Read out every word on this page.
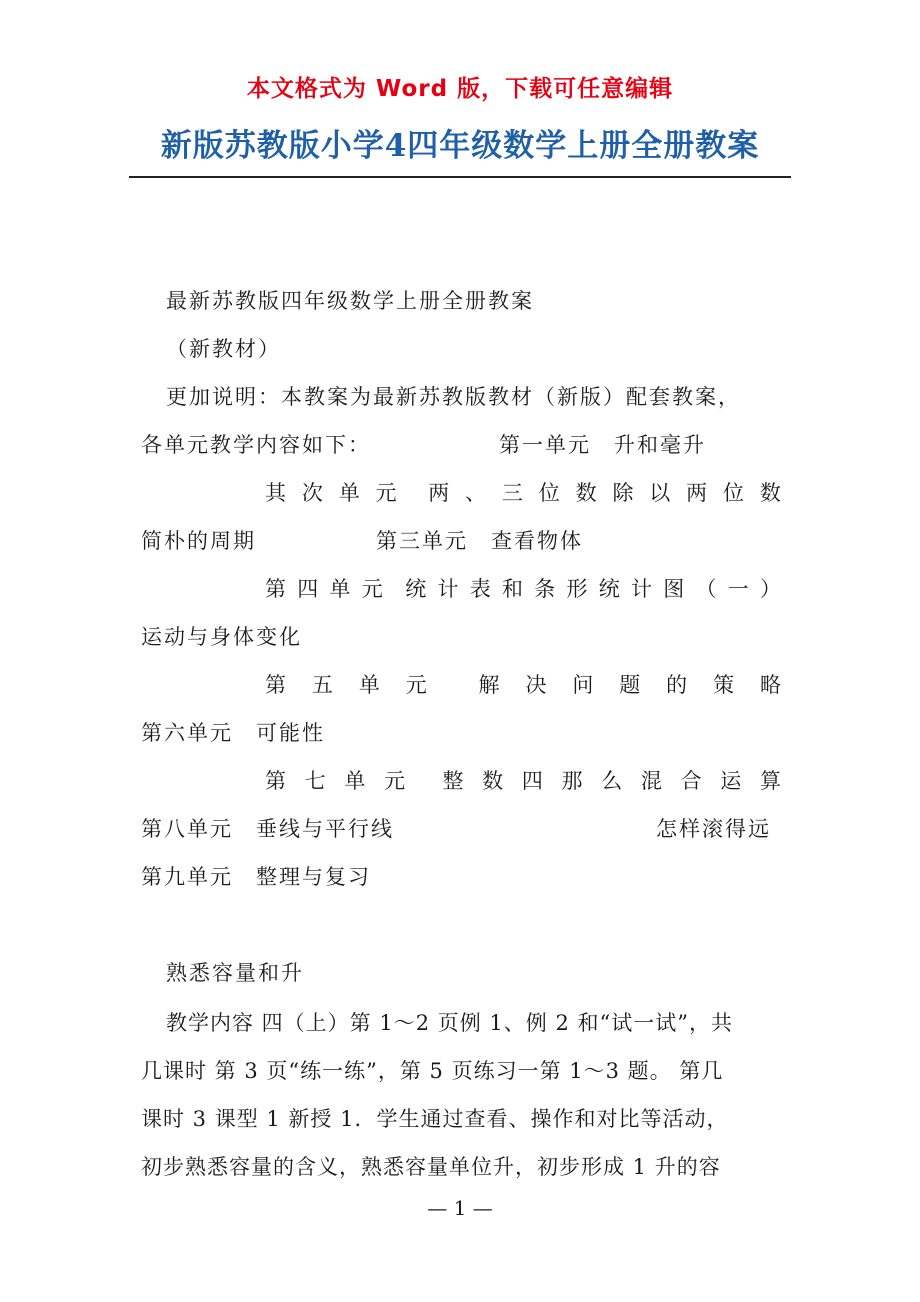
本文格式为 Word 版，下载可任意编辑
新版苏教版小学4四年级数学上册全册教案
最新苏教版四年级数学上册全册教案
（新教材）
更加说明：本教案为最新苏教版教材（新版）配套教案，
各单元教学内容如下：	第一单元　升和毫升
其 次 单 元 两 、 三 位 数 除 以 两 位 数
简朴的周期	第三单元　查看物体
第 四 单 元 统 计 表 和 条 形 统 计 图 （ 一 ）
运动与身体变化
第 五 单 元 解 决 问 题 的 策 略
第六单元　可能性
第 七 单 元 整 数 四 那 么 混 合 运 算
第八单元　垂线与平行线	怎样滚得远
第九单元　整理与复习
熟悉容量和升
教学内容 四（上）第 1～2 页例 1、例 2 和“试一试”，共
几课时 第 3 页“练一练”，第 5 页练习一第 1～3 题。 第几
课时 3 课型 1 新授 1．学生通过查看、操作和对比等活动，
初步熟悉容量的含义，熟悉容量单位升，初步形成 1 升的容
— 1 —
